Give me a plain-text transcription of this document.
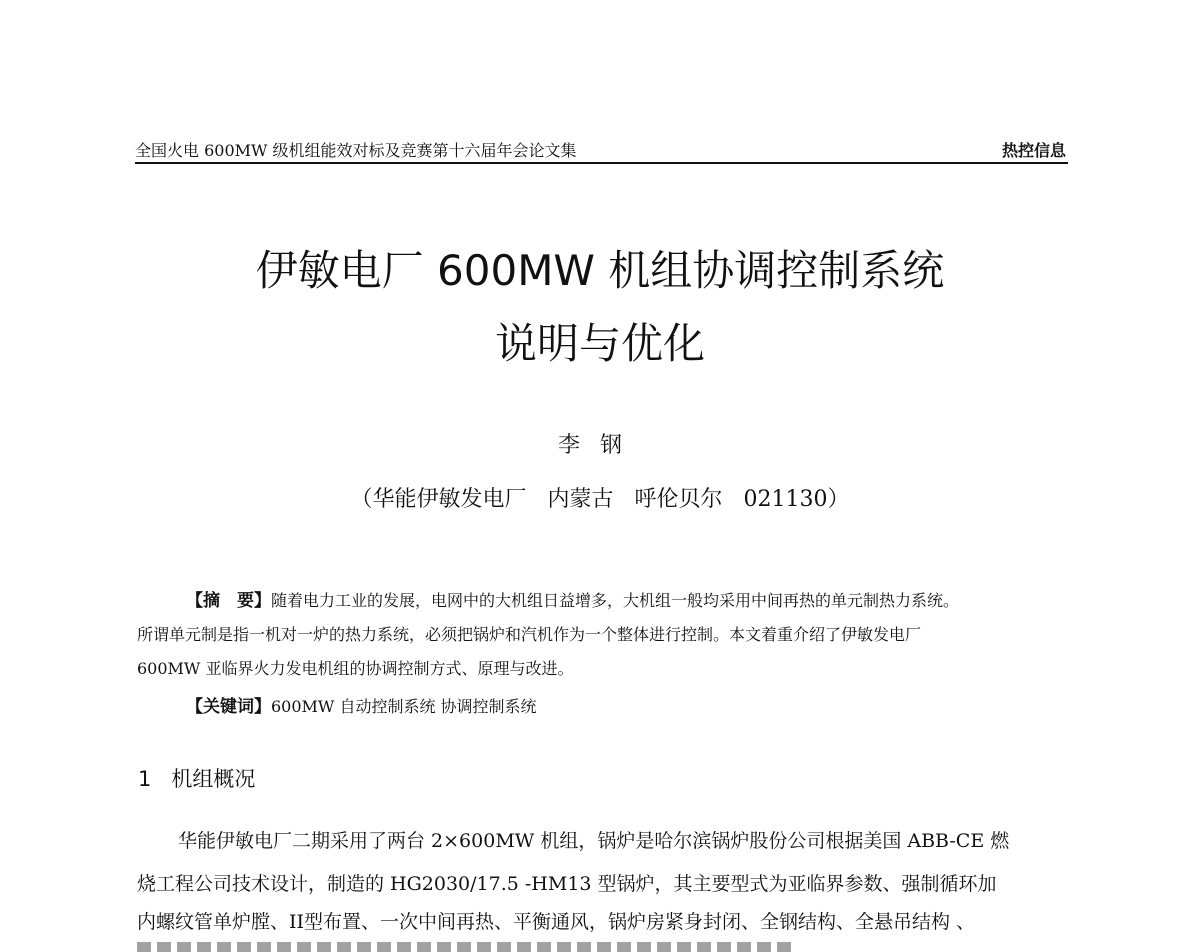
全国火电 600MW 级机组能效对标及竞赛第十六届年会论文集	热控信息
伊敏电厂 600MW 机组协调控制系统
说明与优化
李钢
（华能伊敏发电厂   内蒙古   呼伦贝尔   021130）
【摘　要】随着电力工业的发展，电网中的大机组日益增多，大机组一般均采用中间再热的单元制热力系统。
所谓单元制是指一机对一炉的热力系统，必须把锅炉和汽机作为一个整体进行控制。本文着重介绍了伊敏发电厂
600MW 亚临界火力发电机组的协调控制方式、原理与改进。
【关键词】600MW 自动控制系统 协调控制系统
1   机组概况
华能伊敏电厂二期采用了两台 2×600MW 机组，锅炉是哈尔滨锅炉股份公司根据美国 ABB-CE 燃
烧工程公司技术设计，制造的 HG2030/17.5 -HM13 型锅炉，其主要型式为亚临界参数、强制循环加
内螺纹管单炉膛、II型布置、一次中间再热、平衡通风，锅炉房紧身封闭、全钢结构、全悬吊结构 、
